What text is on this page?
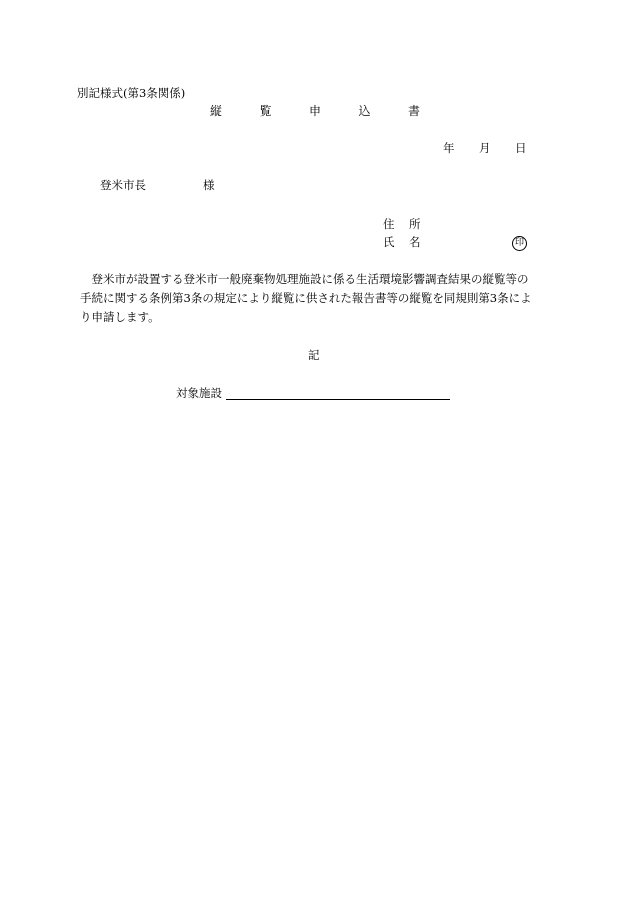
別記様式(第3条関係)
縦	覧	申	込	書
年	月	日
登米市長	様
住 所
氏 名	印
　登米市が設置する登米市一般廃棄物処理施設に係る生活環境影響調査結果の縦覧等の
手続に関する条例第3条の規定により縦覧に供された報告書等の縦覧を同規則第3条によ
り申請します。
記
対象施設
